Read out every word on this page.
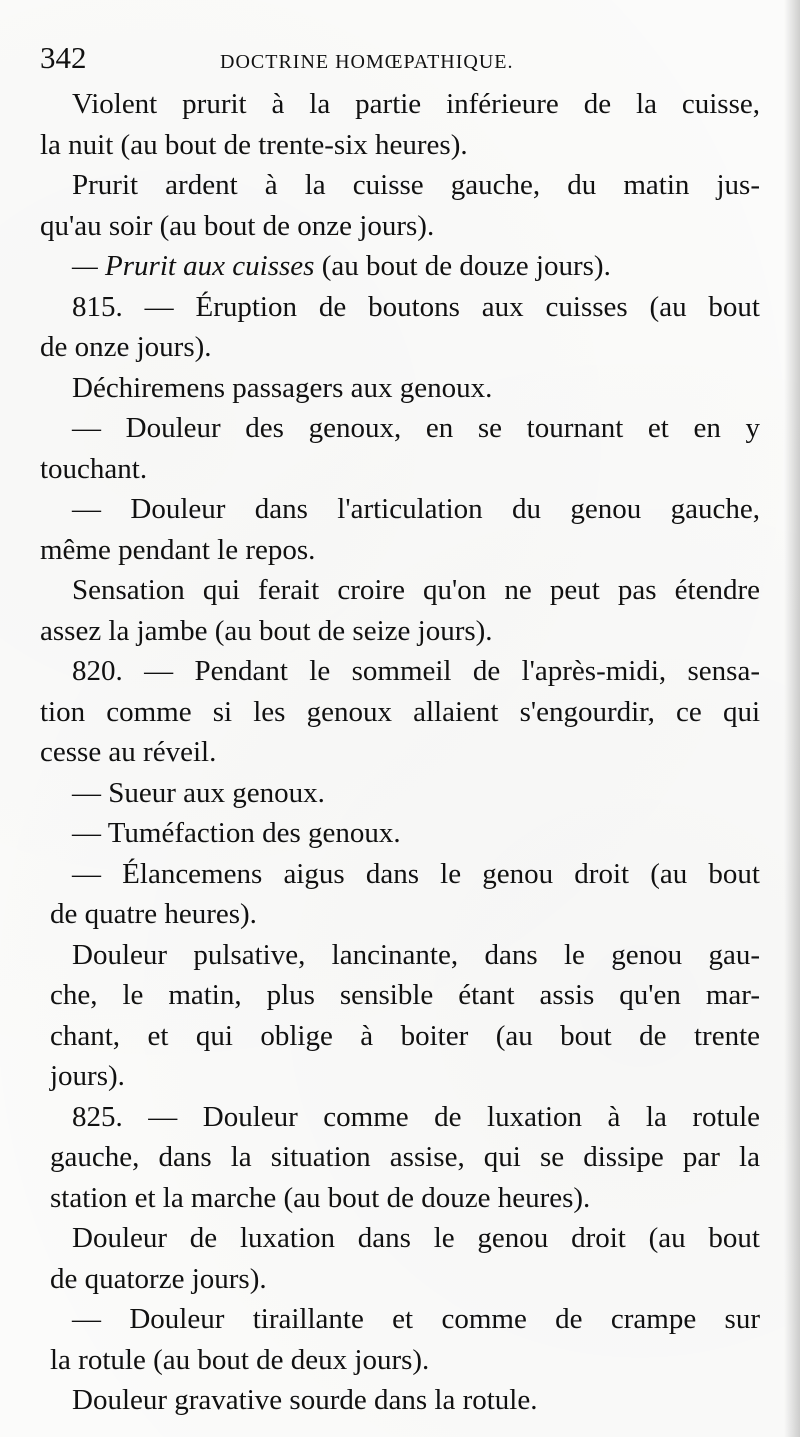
342	DOCTRINE HOMŒPATHIQUE.
Violent prurit à la partie inférieure de la cuisse,
la nuit (au bout de trente-six heures).
Prurit ardent à la cuisse gauche, du matin jus-
qu'au soir (au bout de onze jours).
— Prurit aux cuisses (au bout de douze jours).
815. — Éruption de boutons aux cuisses (au bout
de onze jours).
Déchiremens passagers aux genoux.
— Douleur des genoux, en se tournant et en y
touchant.
— Douleur dans l'articulation du genou gauche,
même pendant le repos.
Sensation qui ferait croire qu'on ne peut pas étendre
assez la jambe (au bout de seize jours).
820. — Pendant le sommeil de l'après-midi, sensa-
tion comme si les genoux allaient s'engourdir, ce qui
cesse au réveil.
— Sueur aux genoux.
— Tuméfaction des genoux.
— Élancemens aigus dans le genou droit (au bout
de quatre heures).
Douleur pulsative, lancinante, dans le genou gau-
che, le matin, plus sensible étant assis qu'en mar-
chant, et qui oblige à boiter (au bout de trente
jours).
825. — Douleur comme de luxation à la rotule
gauche, dans la situation assise, qui se dissipe par la
station et la marche (au bout de douze heures).
Douleur de luxation dans le genou droit (au bout
de quatorze jours).
— Douleur tiraillante et comme de crampe sur
la rotule (au bout de deux jours).
Douleur gravative sourde dans la rotule.
